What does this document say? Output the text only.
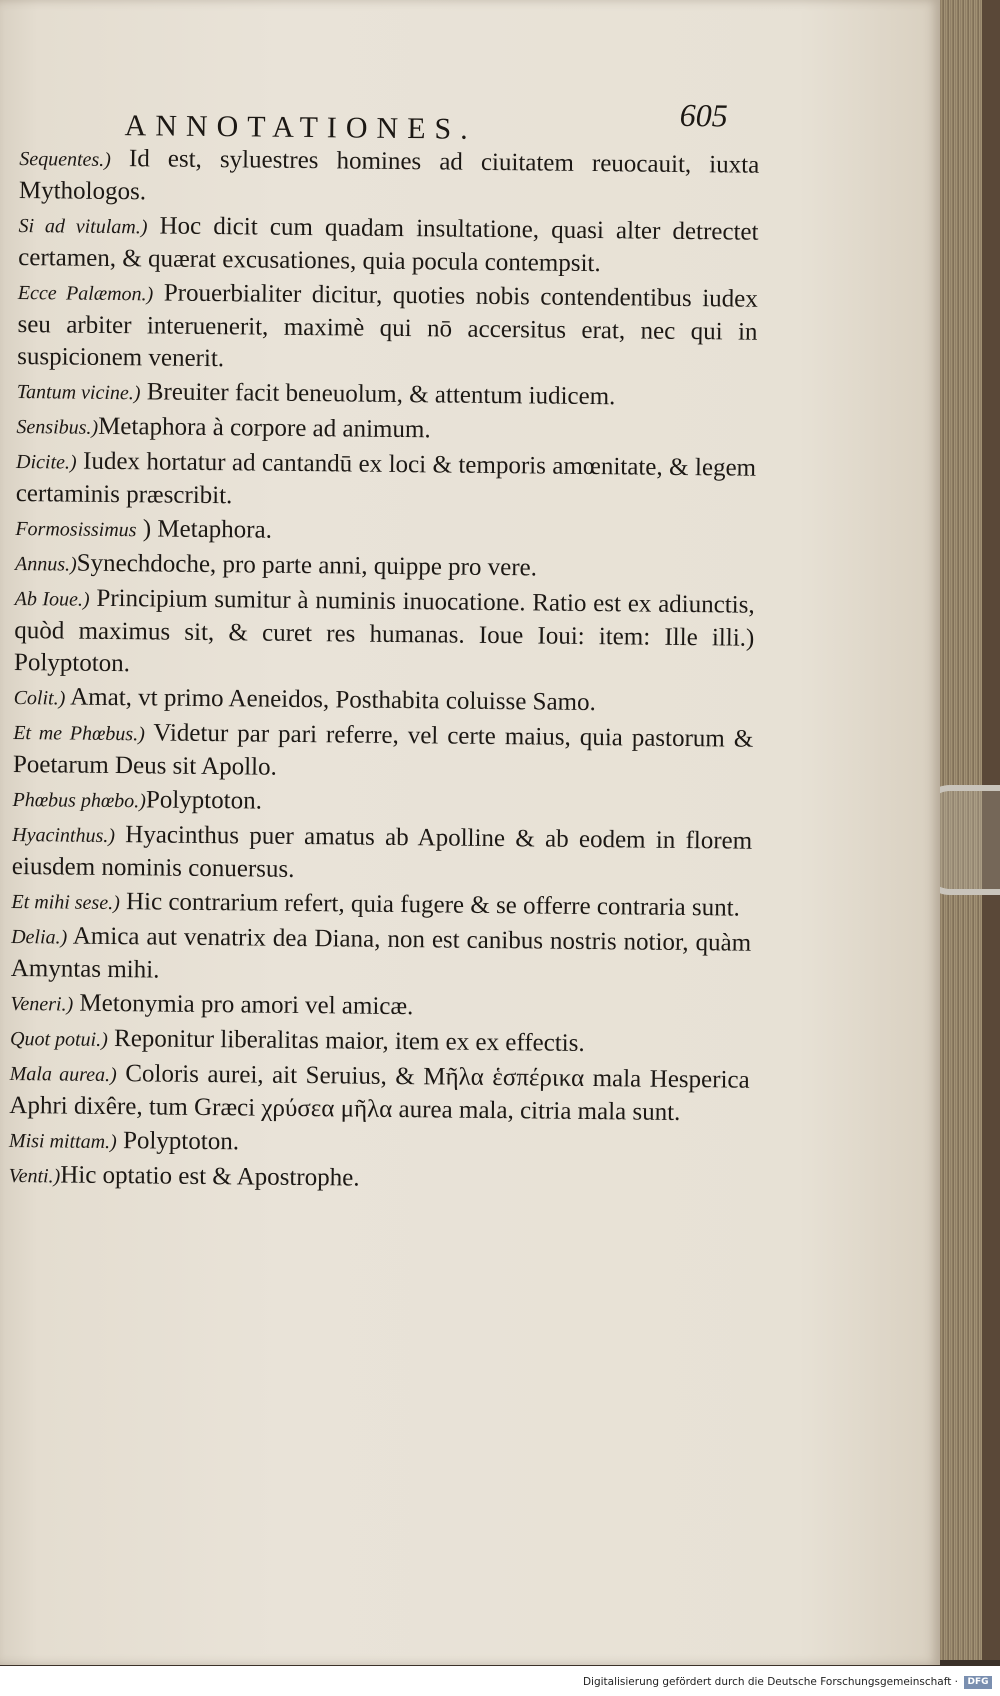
ANNOTATIONES.	605

Sequentes.) Id est, syluestres homines ad ciuitatem reuocauit, iuxta Mythologos.

Si ad vitulam.) Hoc dicit cum quadam insultatione, quasi alter detrectet certamen, & quærat excusationes, quia pocula contempsit.

Ecce Palæmon.) Prouerbialiter dicitur, quoties nobis contendentibus iudex seu arbiter interuenerit, maximè qui nō accersitus erat, nec qui in suspicionem venerit.

Tantum vicine.) Breuiter facit beneuolum, & attentum iudicem.

Sensibus.)Metaphora à corpore ad animum.

Dicite.) Iudex hortatur ad cantandū ex loci & temporis amœnitate, & legem certaminis præscribit.

Formosissimus ) Metaphora.

Annus.)Synechdoche, pro parte anni, quippe pro vere.

Ab Ioue.) Principium sumitur à numinis inuocatione. Ratio est ex adiunctis, quòd maximus sit, & curet res humanas. Ioue Ioui: item: Ille illi.) Polyptoton.

Colit.) Amat, vt primo Aeneidos, Posthabita coluisse Samo.

Et me Phœbus.) Videtur par pari referre, vel certe maius, quia pastorum & Poetarum Deus sit Apollo.

Phœbus phœbo.)Polyptoton.

Hyacinthus.) Hyacinthus puer amatus ab Apolline & ab eodem in florem eiusdem nominis conuersus.

Et mihi sese.) Hic contrarium refert, quia fugere & se offerre contraria sunt.

Delia.) Amica aut venatrix dea Diana, non est canibus nostris notior, quàm Amyntas mihi.

Veneri.) Metonymia pro amori vel amicæ.

Quot potui.) Reponitur liberalitas maior, item ex ex effectis.

Mala aurea.) Coloris aurei, ait Seruius, & Μῆλα ἑσπέρικα mala Hesperica Aphri dixêre, tum Græci χρύσεα μῆλα aurea mala, citria mala sunt.

Misi mittam.) Polyptoton.

Venti.)Hic optatio est & Apostrophe.

Digitalisierung gefördert durch die Deutsche Forschungsgemeinschaft ·	DFG
